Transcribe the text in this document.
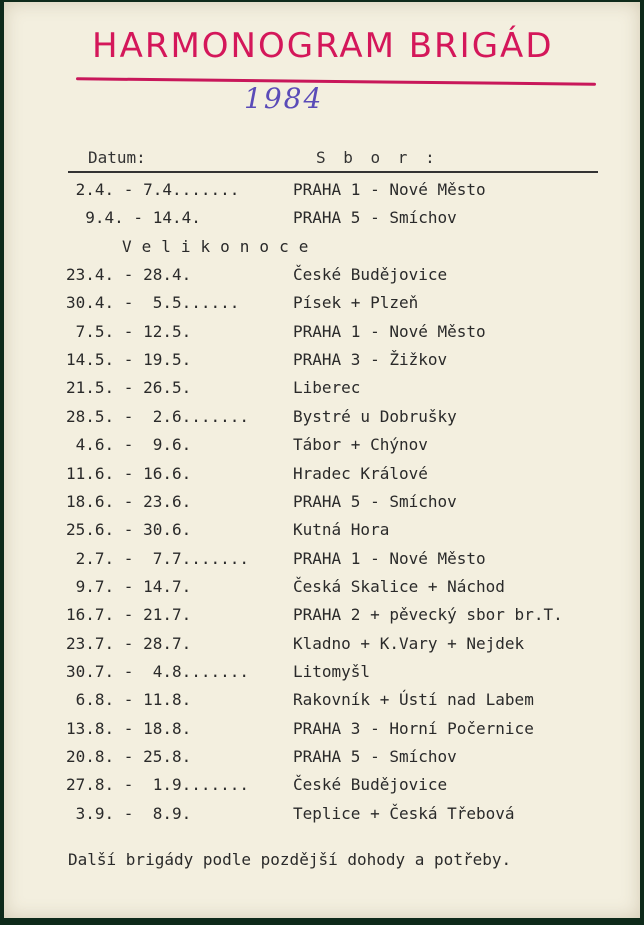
HARMONOGRAM BRIGÁD
1984
Datum:	S b o r :
2.4. - 7.4.......	PRAHA 1 - Nové Město
9.4. - 14.4.	PRAHA 5 - Smíchov
Velikonoce
23.4. - 28.4.	České Budějovice
30.4. -  5.5......	Písek + Plzeň
7.5. - 12.5.	PRAHA 1 - Nové Město
14.5. - 19.5.	PRAHA 3 - Žižkov
21.5. - 26.5.	Liberec
28.5. -  2.6.......	Bystré u Dobrušky
4.6. -  9.6.	Tábor + Chýnov
11.6. - 16.6.	Hradec Králové
18.6. - 23.6.	PRAHA 5 - Smíchov
25.6. - 30.6.	Kutná Hora
2.7. -  7.7.......	PRAHA 1 - Nové Město
9.7. - 14.7.	Česká Skalice + Náchod
16.7. - 21.7.	PRAHA 2 + pěvecký sbor br.T.
23.7. - 28.7.	Kladno + K.Vary + Nejdek
30.7. -  4.8.......	Litomyšl
6.8. - 11.8.	Rakovník + Ústí nad Labem
13.8. - 18.8.	PRAHA 3 - Horní Počernice
20.8. - 25.8.	PRAHA 5 - Smíchov
27.8. -  1.9.......	České Budějovice
3.9. -  8.9.	Teplice + Česká Třebová
Další brigády podle pozdější dohody a potřeby.
